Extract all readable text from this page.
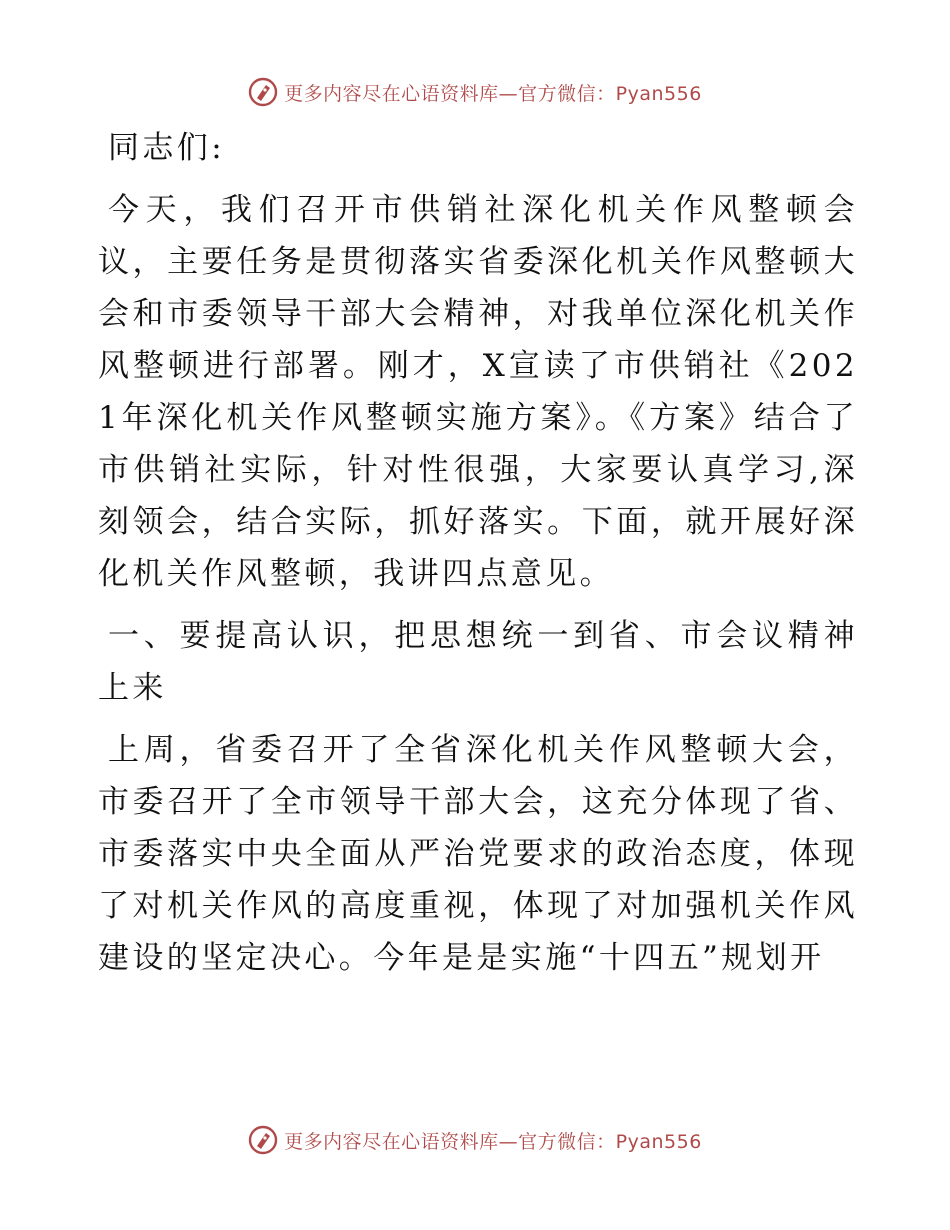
更多内容尽在心语资料库—官方微信：Pyan556

同志们:

今天，我们召开市供销社深化机关作风整顿会议，主要任务是贯彻落实省委深化机关作风整顿大会和市委领导干部大会精神，对我单位深化机关作风整顿进行部署。刚才，X宣读了市供销社《2021年深化机关作风整顿实施方案》。《方案》结合了市供销社实际，针对性很强，大家要认真学习,深刻领会，结合实际，抓好落实。下面，就开展好深化机关作风整顿，我讲四点意见。

一、要提高认识，把思想统一到省、市会议精神上来

上周，省委召开了全省深化机关作风整顿大会，市委召开了全市领导干部大会，这充分体现了省、市委落实中央全面从严治党要求的政治态度，体现了对机关作风的高度重视，体现了对加强机关作风建设的坚定决心。今年是是实施“十四五”规划开

更多内容尽在心语资料库—官方微信：Pyan556
